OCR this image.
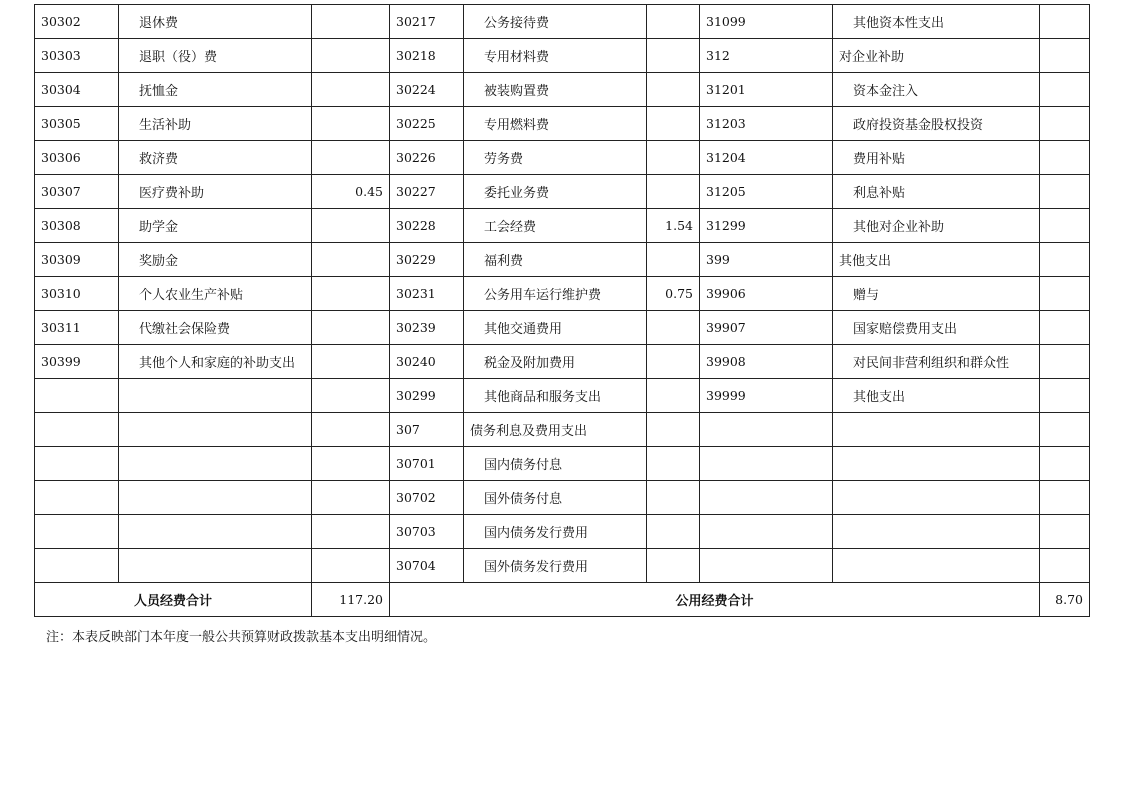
30302	退休费		30217	公务接待费		31099	其他资本性支出	
30303	退职（役）费		30218	专用材料费		312	对企业补助	
30304	抚恤金		30224	被装购置费		31201	资本金注入	
30305	生活补助		30225	专用燃料费		31203	政府投资基金股权投资	
30306	救济费		30226	劳务费		31204	费用补贴	
30307	医疗费补助	0.45	30227	委托业务费		31205	利息补贴	
30308	助学金		30228	工会经费	1.54	31299	其他对企业补助	
30309	奖励金		30229	福利费		399	其他支出	
30310	个人农业生产补贴		30231	公务用车运行维护费	0.75	39906	赠与	
30311	代缴社会保险费		30239	其他交通费用		39907	国家赔偿费用支出	
30399	其他个人和家庭的补助支出		30240	税金及附加费用		39908	对民间非营利组织和群众性	
			30299	其他商品和服务支出		39999	其他支出	
			307	债务利息及费用支出				
			30701	国内债务付息				
			30702	国外债务付息				
			30703	国内债务发行费用				
			30704	国外债务发行费用				
人员经费合计		117.20	公用经费合计					8.70
注：本表反映部门本年度一般公共预算财政拨款基本支出明细情况。
